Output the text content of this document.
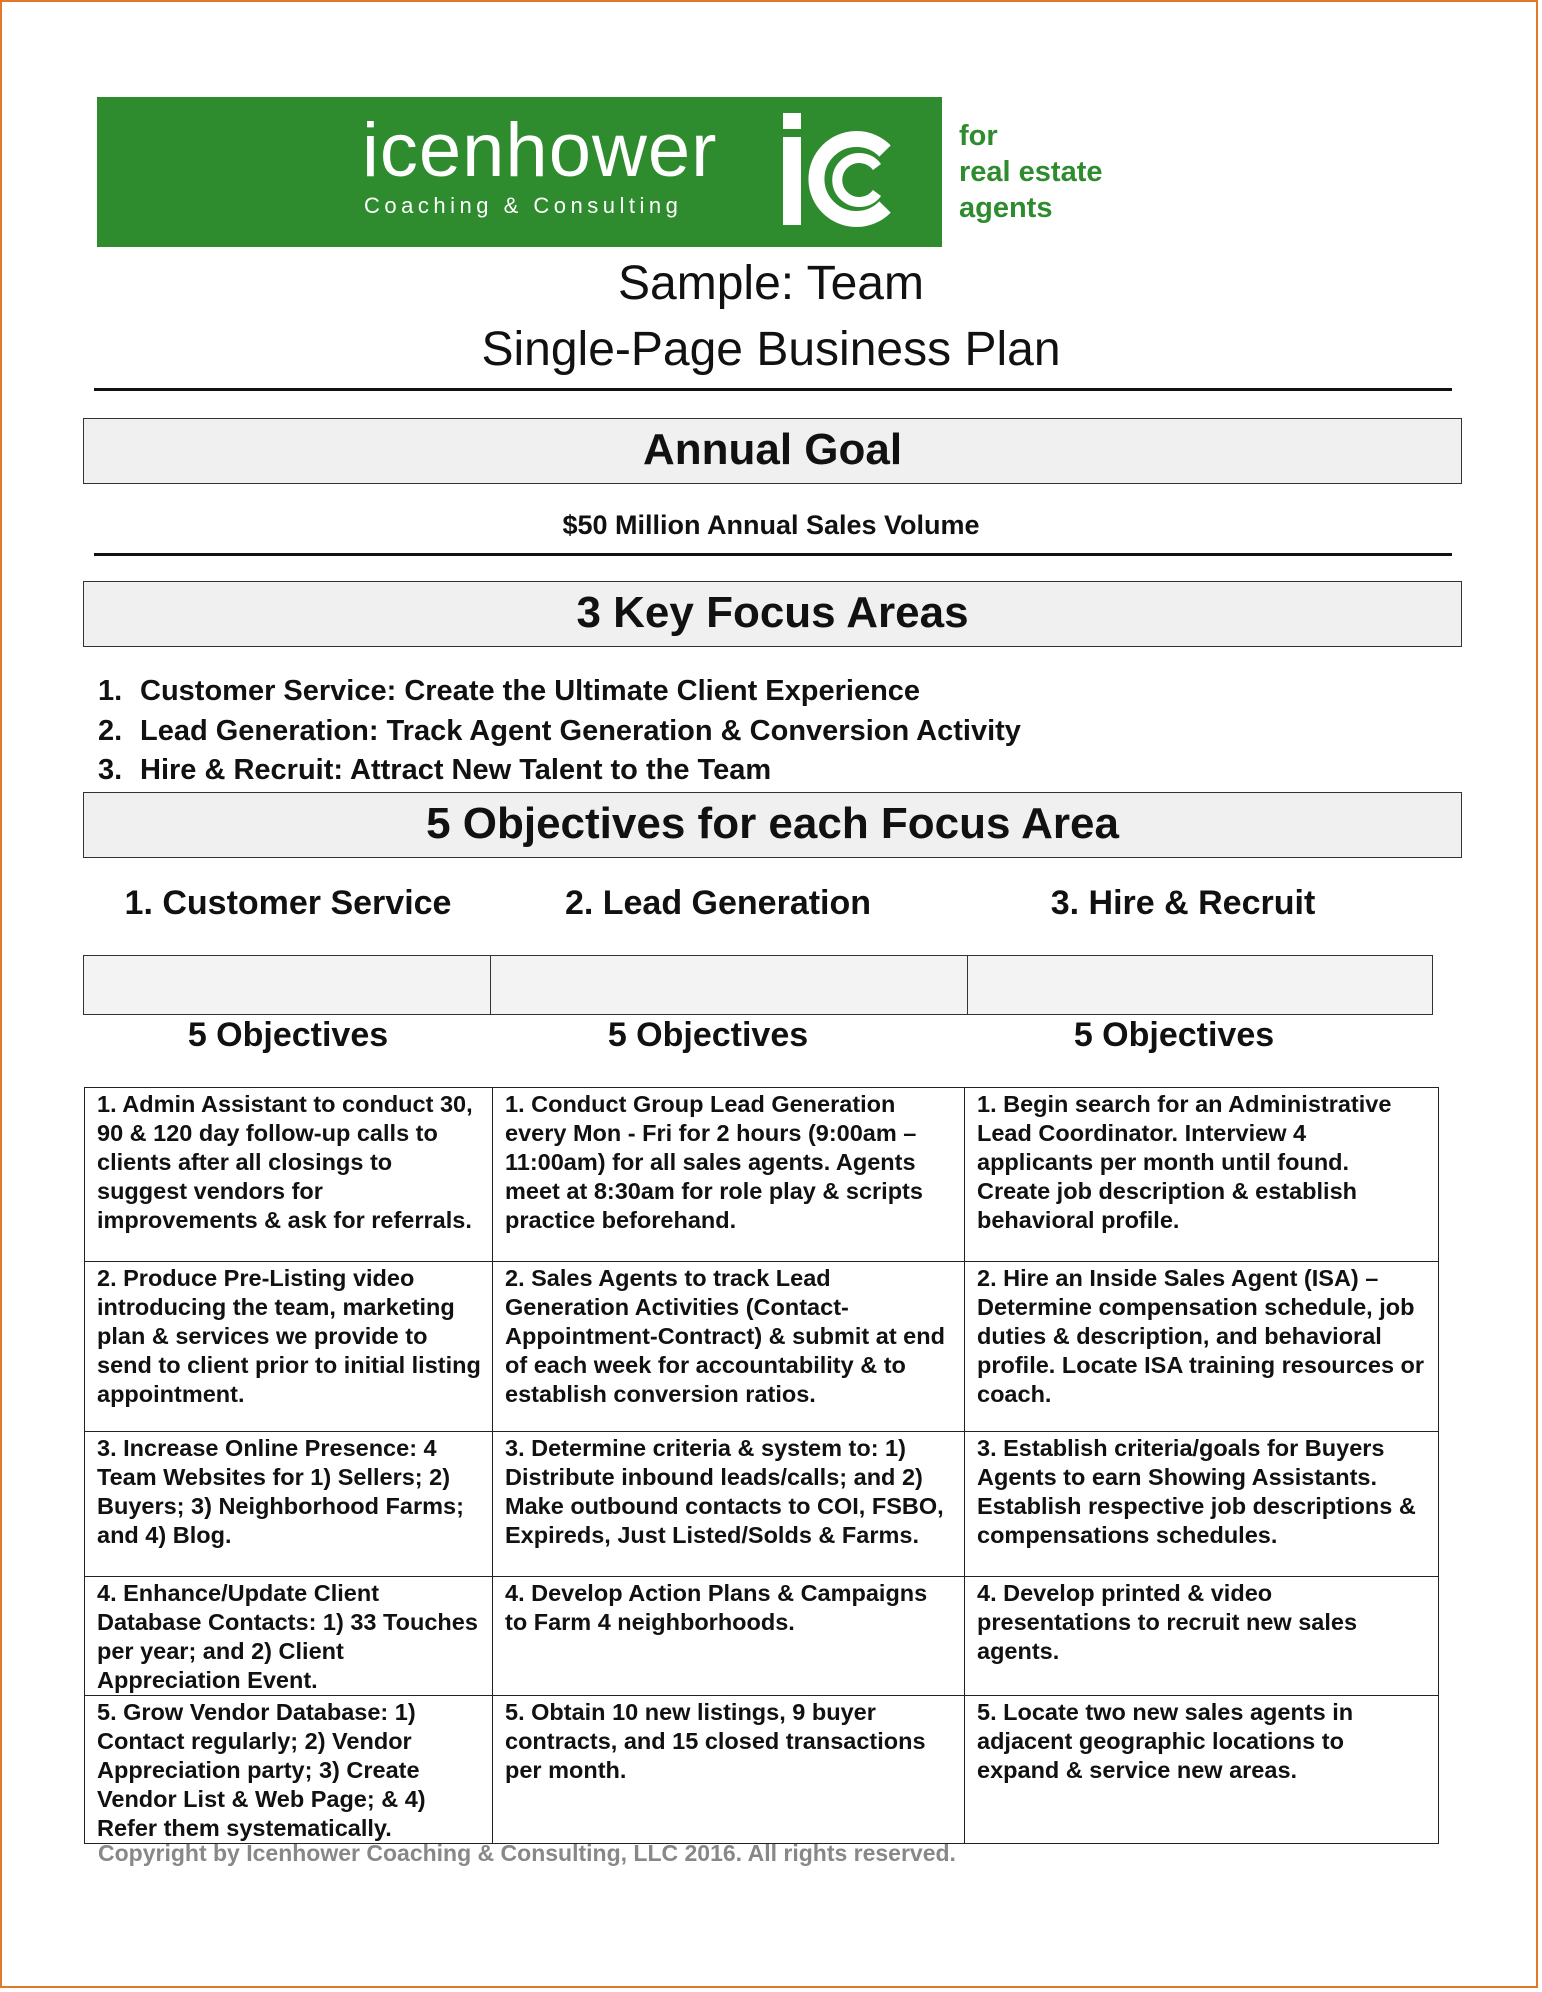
icenhower
Coaching & Consulting
for
real estate
agents
Sample: Team
Single-Page Business Plan
Annual Goal
$50 Million Annual Sales Volume
3 Key Focus Areas
1. Customer Service: Create the Ultimate Client Experience
2. Lead Generation: Track Agent Generation & Conversion Activity
3. Hire & Recruit: Attract New Talent to the Team
5 Objectives for each Focus Area
1. Customer Service	2. Lead Generation	3. Hire & Recruit
5 Objectives	5 Objectives	5 Objectives
1. Admin Assistant to conduct 30, 90 & 120 day follow-up calls to clients after all closings to suggest vendors for improvements & ask for referrals.	1. Conduct Group Lead Generation every Mon - Fri for 2 hours (9:00am – 11:00am) for all sales agents. Agents meet at 8:30am for role play & scripts practice beforehand.	1. Begin search for an Administrative Lead Coordinator. Interview 4 applicants per month until found. Create job description & establish behavioral profile.
2. Produce Pre-Listing video introducing the team, marketing plan & services we provide to send to client prior to initial listing appointment.	2. Sales Agents to track Lead Generation Activities (Contact-Appointment-Contract) & submit at end of each week for accountability & to establish conversion ratios.	2. Hire an Inside Sales Agent (ISA) – Determine compensation schedule, job duties & description, and behavioral profile. Locate ISA training resources or coach.
3. Increase Online Presence: 4 Team Websites for 1) Sellers; 2) Buyers; 3) Neighborhood Farms; and 4) Blog.	3. Determine criteria & system to: 1) Distribute inbound leads/calls; and 2) Make outbound contacts to COI, FSBO, Expireds, Just Listed/Solds & Farms.	3. Establish criteria/goals for Buyers Agents to earn Showing Assistants. Establish respective job descriptions & compensations schedules.
4. Enhance/Update Client Database Contacts: 1) 33 Touches per year; and 2) Client Appreciation Event.	4. Develop Action Plans & Campaigns to Farm 4 neighborhoods.	4. Develop printed & video presentations to recruit new sales agents.
5. Grow Vendor Database: 1) Contact regularly; 2) Vendor Appreciation party; 3) Create Vendor List & Web Page; & 4) Refer them systematically.	5. Obtain 10 new listings, 9 buyer contracts, and 15 closed transactions per month.	5. Locate two new sales agents in adjacent geographic locations to expand & service new areas.
Copyright by Icenhower Coaching & Consulting, LLC 2016. All rights reserved.
